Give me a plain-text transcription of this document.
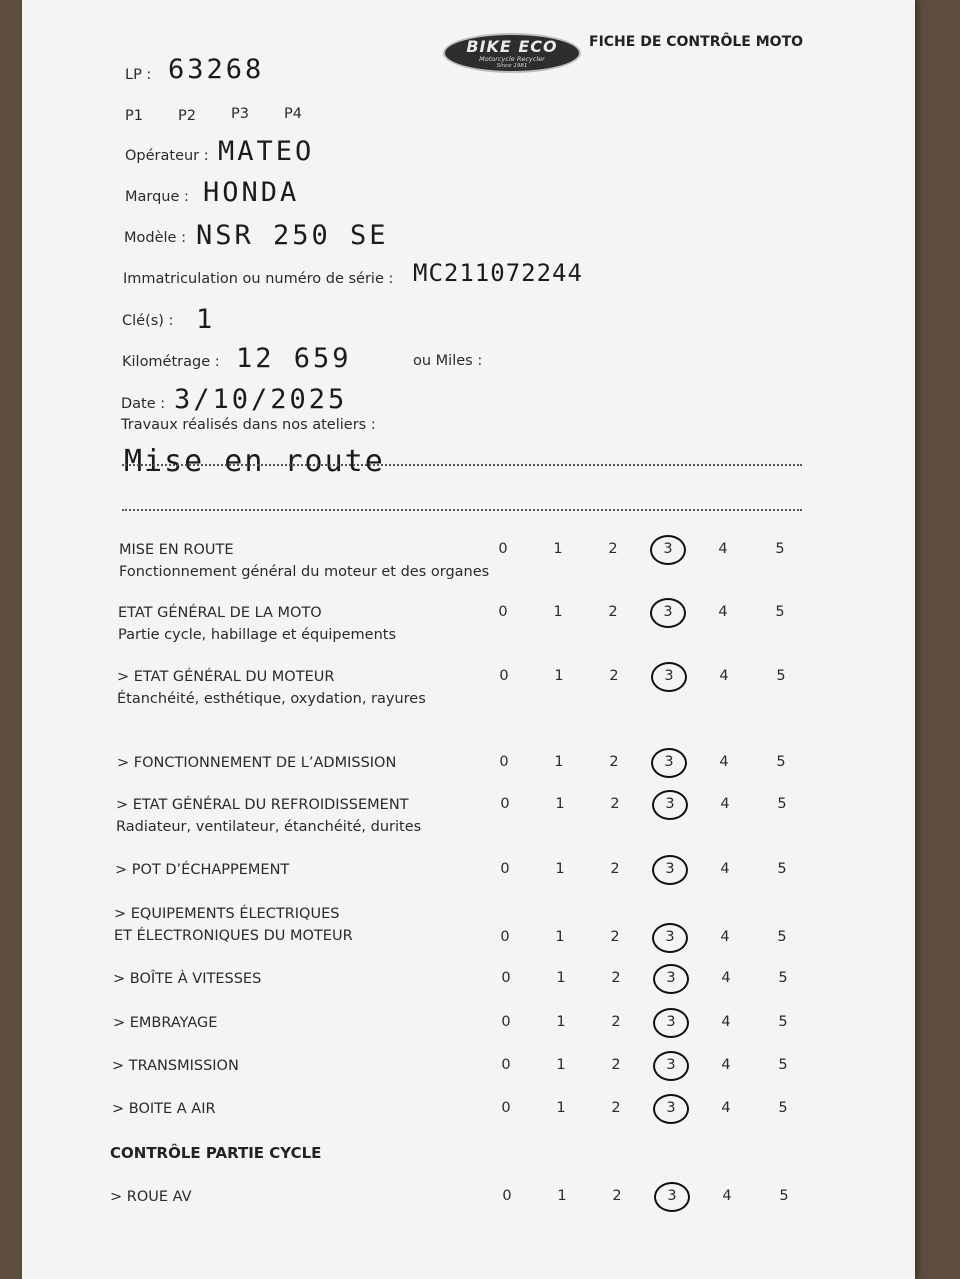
BIKE ECO
Motorcycle Recycler
Since 1981
FICHE DE CONTRÔLE MOTO
LP : 63268
P1 P2 P3 P4
Opérateur : MATEO
Marque : HONDA
Modèle : NSR 250 SE
Immatriculation ou numéro de série : MC211072244
Clé(s) : 1
Kilométrage : 12 659	ou Miles :
Date : 3/10/2025
Travaux réalisés dans nos ateliers :
Mise en route
MISE EN ROUTE
Fonctionnement général du moteur et des organes
0	1	2	3	4	5
ETAT GÉNÉRAL DE LA MOTO
Partie cycle, habillage et équipements
0	1	2	3	4	5
> ETAT GÉNÉRAL DU MOTEUR
Étanchéité, esthétique, oxydation, rayures
0	1	2	3	4	5
> FONCTIONNEMENT DE L’ADMISSION	0	1	2	3	4	5
> ETAT GÉNÉRAL DU REFROIDISSEMENT
Radiateur, ventilateur, étanchéité, durites
0	1	2	3	4	5
> POT D’ÉCHAPPEMENT	0	1	2	3	4	5
> EQUIPEMENTS ÉLECTRIQUES
ET ÉLECTRONIQUES DU MOTEUR	0	1	2	3	4	5
> BOÎTE À VITESSES	0	1	2	3	4	5
> EMBRAYAGE	0	1	2	3	4	5
> TRANSMISSION	0	1	2	3	4	5
> BOITE A AIR	0	1	2	3	4	5
> ROUE AV	0	1	2	3	4	5
CONTRÔLE PARTIE CYCLE
